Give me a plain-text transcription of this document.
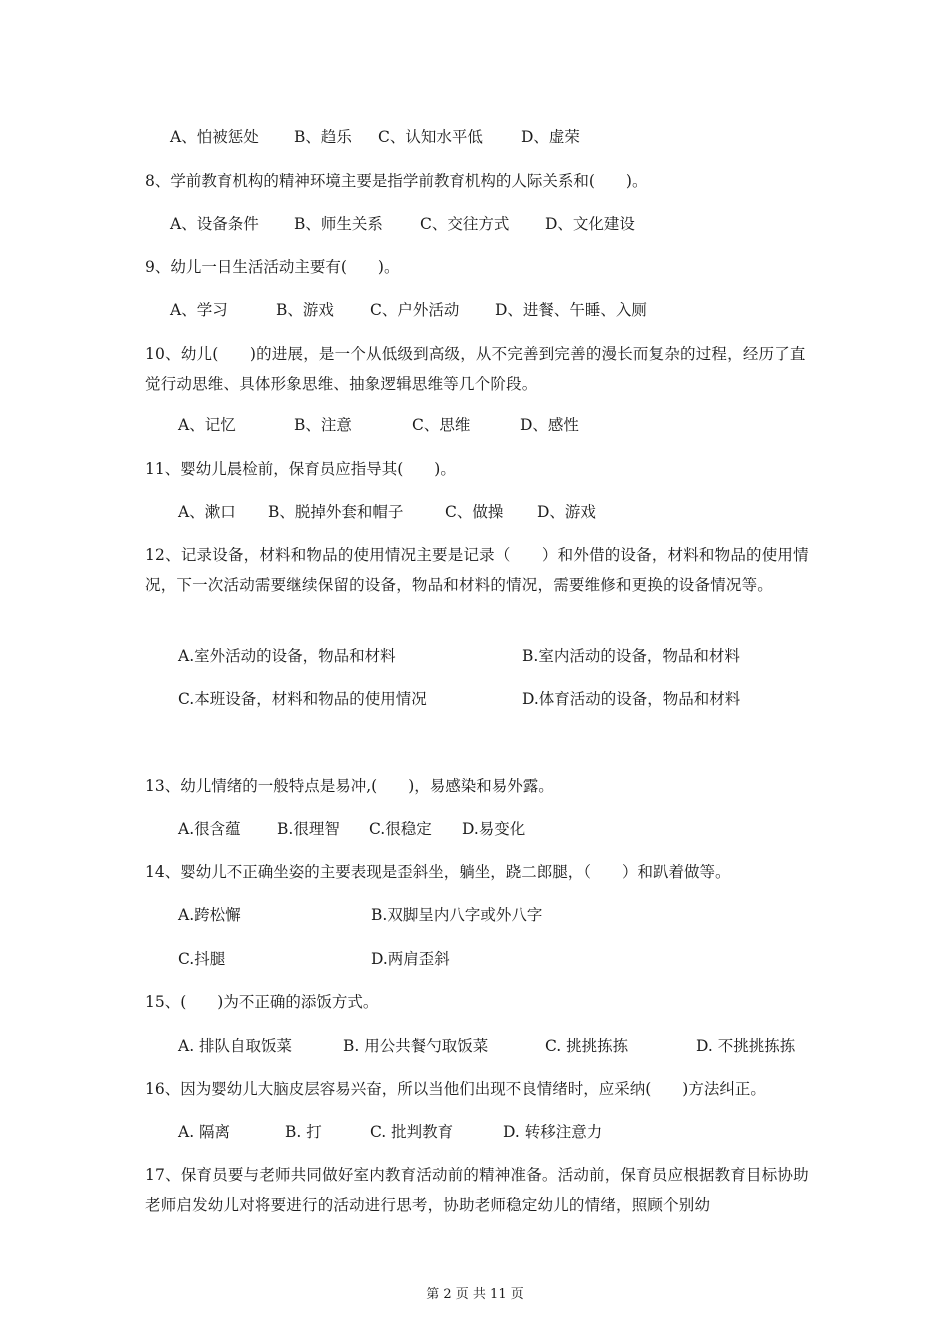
A、怕被惩处 B、趋乐 C、认知水平低 D、虚荣
8、学前教育机构的精神环境主要是指学前教育机构的人际关系和(　　)。
A、设备条件 B、师生关系 C、交往方式 D、文化建设
9、幼儿一日生活活动主要有(　　)。
A、学习	B、游戏 C、户外活动 D、进餐、午睡、入厕
10、幼儿(　　)的进展，是一个从低级到高级，从不完善到完善的漫长而复杂的过程，经历了直觉行动思维、具体形象思维、抽象逻辑思维等几个阶段。
A、记忆	B、注意	C、思维	D、感性
11、婴幼儿晨检前，保育员应指导其(　　)。
A、漱口 B、脱掉外套和帽子	C、做操 D、游戏
12、记录设备，材料和物品的使用情况主要是记录（　　）和外借的设备，材料和物品的使用情况，下一次活动需要继续保留的设备，物品和材料的情况，需要维修和更换的设备情况等。
A.室外活动的设备，物品和材料	B.室内活动的设备，物品和材料
C.本班设备，材料和物品的使用情况	D.体育活动的设备，物品和材料
13、幼儿情绪的一般特点是易冲,(　　)，易感染和易外露。
A.很含蕴 B.很理智 C.很稳定 D.易变化
14、婴幼儿不正确坐姿的主要表现是歪斜坐，躺坐，跷二郎腿，（　　）和趴着做等。
A.跨松懈	B.双脚呈内八字或外八字
C.抖腿	D.两肩歪斜
15、(　　)为不正确的添饭方式。
A. 排队自取饭菜	B. 用公共餐勺取饭菜	C. 挑挑拣拣	D. 不挑挑拣拣
16、因为婴幼儿大脑皮层容易兴奋，所以当他们出现不良情绪时，应采纳(　　)方法纠正。
A. 隔离	B. 打	C. 批判教育	D. 转移注意力
17、保育员要与老师共同做好室内教育活动前的精神准备。活动前，保育员应根据教育目标协助老师启发幼儿对将要进行的活动进行思考，协助老师稳定幼儿的情绪，照顾个别幼
第 2 页 共 11 页
